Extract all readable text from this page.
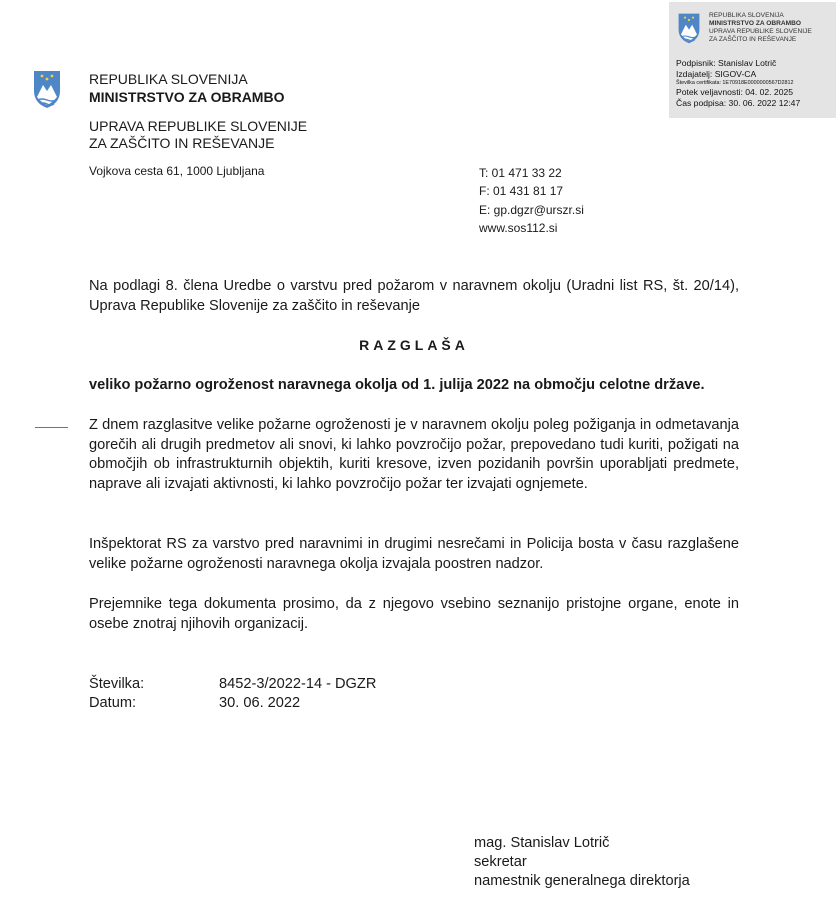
REPUBLIKA SLOVENIJA
MINISTRSTVO ZA OBRAMBO
UPRAVA REPUBLIKE SLOVENIJE
ZA ZAŠČITO IN REŠEVANJE
Podpisnik: Stanislav Lotrič
Izdajatelj: SIGOV-CA
Številka certifikata: 1E70918E0000000567D2812
Potek veljavnosti: 04. 02. 2025
Čas podpisa: 30. 06. 2022 12:47
REPUBLIKA SLOVENIJA
MINISTRSTVO ZA OBRAMBO
UPRAVA REPUBLIKE SLOVENIJE
ZA ZAŠČITO IN REŠEVANJE
Vojkova cesta 61, 1000 Ljubljana	T: 01 471 33 22
F: 01 431 81 17
E: gp.dgzr@urszr.si
www.sos112.si
Na podlagi 8. člena Uredbe o varstvu pred požarom v naravnem okolju (Uradni list RS, št. 20/14), Uprava Republike Slovenije za zaščito in reševanje
RAZGLAŠA
veliko požarno ogroženost naravnega okolja od 1. julija 2022 na območju celotne države.
Z dnem razglasitve velike požarne ogroženosti je v naravnem okolju poleg požiganja in odmetavanja gorečih ali drugih predmetov ali snovi, ki lahko povzročijo požar, prepovedano tudi kuriti, požigati na območjih ob infrastrukturnih objektih, kuriti kresove, izven pozidanih površin uporabljati predmete, naprave ali izvajati aktivnosti, ki lahko povzročijo požar ter izvajati ognjemete.
Inšpektorat RS za varstvo pred naravnimi in drugimi nesrečami in Policija bosta v času razglašene velike požarne ogroženosti naravnega okolja izvajala poostren nadzor.
Prejemnike tega dokumenta prosimo, da z njegovo vsebino seznanijo pristojne organe, enote in osebe znotraj njihovih organizacij.
Številka:	8452-3/2022-14 - DGZR
Datum:	30. 06. 2022
mag. Stanislav Lotrič
sekretar
namestnik generalnega direktorja
